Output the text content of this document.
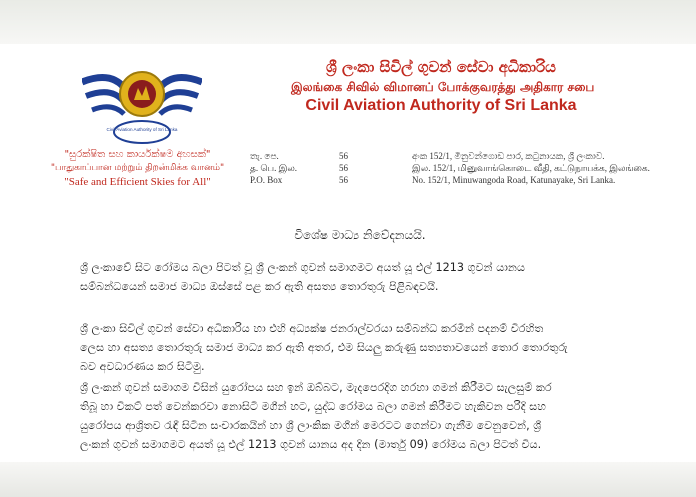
Civil Aviation Authority of Sri Lanka
ශ්‍රී ලංකා සිවිල් ගුවන් සේවා අධිකාරිය
இலங்கை சிவில் விமானப் போக்குவரத்து அதிகார சபை
Civil Aviation Authority of Sri Lanka
"සුරක්ෂිත සහ කාර්යක්ෂම අහසක්"
"பாதுகாப்பான மற்றும் திறன்மிக்க வானம்"
"Safe and Efficient Skies for All"
තැ. පෙ.	56	අංක 152/1, මිනුවන්ගොඩ පාර, කටුනායක, ශ්‍රී ලංකාව.
த. பெ. இல.	56	இல. 152/1, மினுவாங்கொடை வீதி, கட்டுநாயக்க, இலங்கை.
P.O. Box	56	No. 152/1, Minuwangoda Road, Katunayake, Sri Lanka.
විශේෂ මාධ්‍ය නිවේදනයයි.
ශ්‍රී ලංකාවේ සිට රෝමය බලා පිටත් වූ ශ්‍රී ලංකන් ගුවන් සමාගමට අයත් යූ එල් 1213 ගුවන් යානය
සම්බන්ධයෙන් සමාජ මාධ්‍ය ඔස්සේ පළ කර ඇති අසත්‍ය තොරතුරු පිළිබඳවයි.
ශ්‍රී ලංකා සිවිල් ගුවන් සේවා අධිකාරිය හා එහි අධ්‍යක්ෂ ජනරාල්වරයා සම්බන්ධ කරමින් පදනම් විරහිත
ලෙස හා අසත්‍ය තොරතුරු සමාජ මාධ්‍ය කර ඇති අතර, එම සියලු කරුණු සත්‍යතාවයෙන් තොර තොරතුරු
බව අවධාරණය කර සිටිමු.
ශ්‍රී ලංකන් ගුවන් සමාගම විසින් යුරෝපය සහ ඉන් ඔබ්බට, මැදපෙරදිග හරහා ගමන් කිරීමට සැලසුම් කර
තිබූ හා විකට් පත් වෙන්කරවා නොසිටි මගීන් හට, යුද්ධ රෝමය බලා ගමන් කිරීමට හැකිවන පරිදි සහ
යුරෝපය ආශ්‍රිතව රැඳී සිටින සංචාරකයින් හා ශ්‍රී ලාංකික මගීන් මෙරටට ගෙන්වා ගැනීම වෙනුවෙන්, ශ්‍රී
ලංකන් ගුවන් සමාගමට අයත් යූ එල් 1213 ගුවන් යානය අද දින (මාර්තු 09) රෝමය බලා පිටත් විය.
